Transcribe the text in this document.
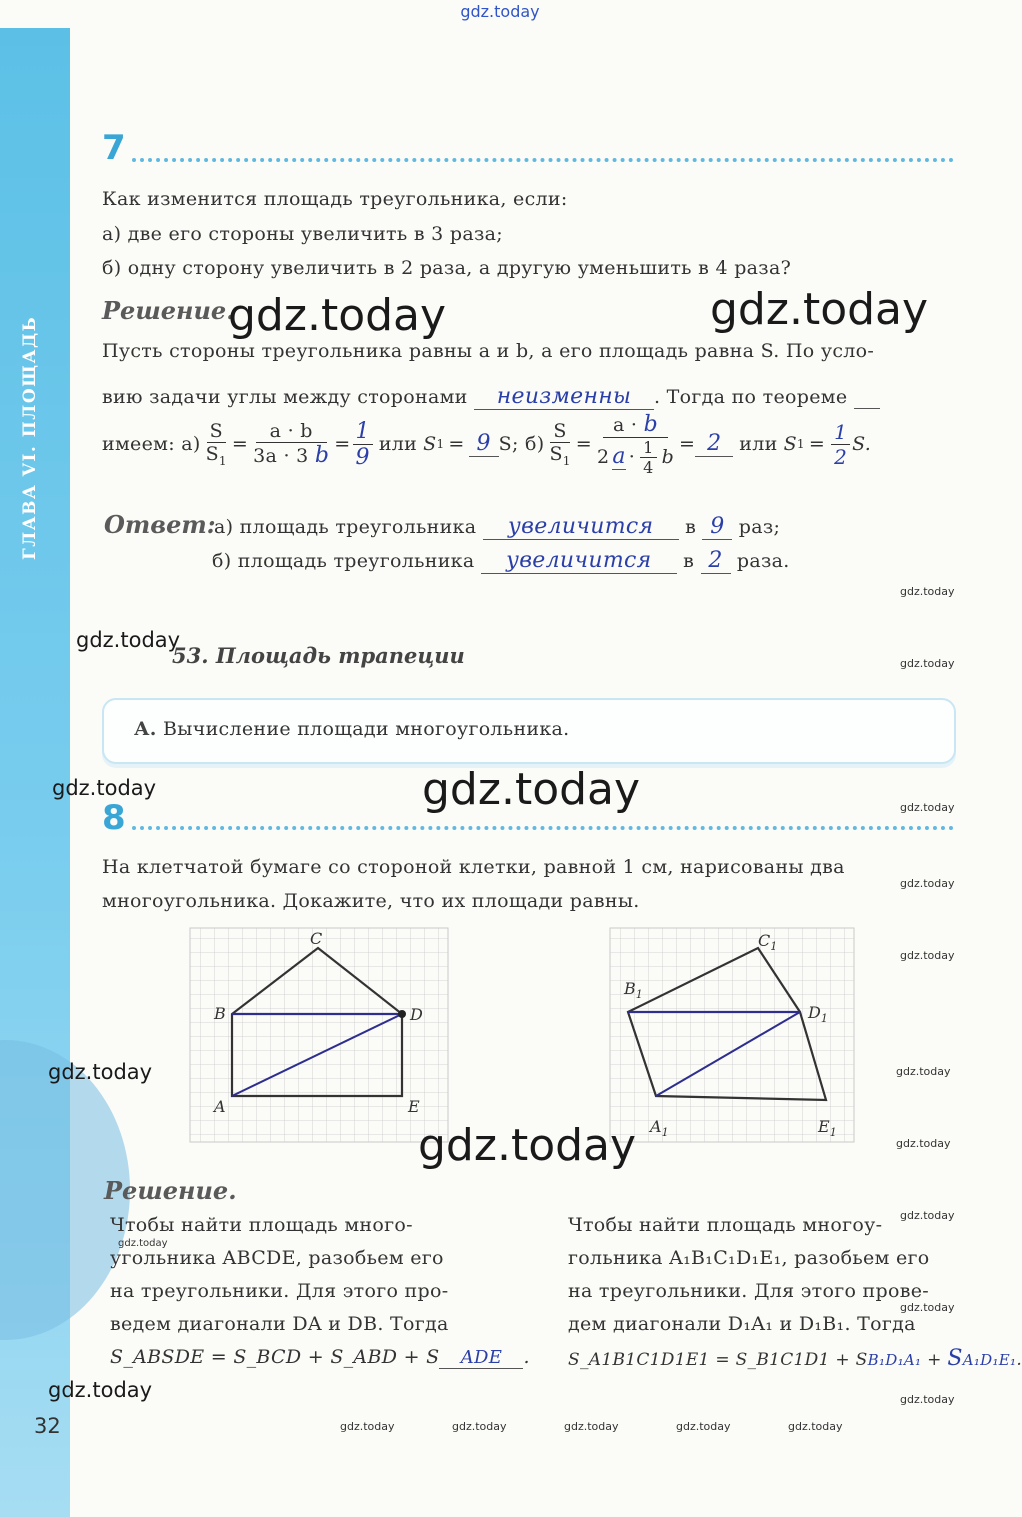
ГЛАВА VI. ПЛОЩАДЬ
gdz.today
7
Как изменится площадь треугольника, если:
а) две его стороны увеличить в 3 раза;
б) одну сторону увеличить в 2 раза, а другую уменьшить в 4 раза?
Решение.
gdz.today	gdz.today
Пусть стороны треугольника равны a и b, а его площадь равна S. По усло-
вию задачи углы между сторонами неизменны . Тогда по теореме
имеем: $а) \frac{S}{S_1} = \frac{a \cdot b}{3a \cdot 3 b} = \frac{1}{9}$ или S 1 = 9 S; $б) \frac{S}{S_1} = \frac{a \cdot b}{2 a \cdot \frac{1}{4} b} = 2$ или S $1 = \frac{1}{2} S$.
Ответ:
а) площадь треугольника увеличится в 9 раз;
б) площадь треугольника увеличится в 2 раза.
gdz.today
gdz.today
gdz.today
gdz.today
gdz.today
gdz.today
gdz.today
gdz.today
gdz.today
gdz.today
gdz.today
gdz.today	gdz.today	gdz.today	gdz.today	gdz.today
gdz.today
53. Площадь трапеции
А. Вычисление площади многоугольника.
gdz.today	gdz.today
8
На клетчатой бумаге со стороной клетки, равной 1 см, нарисованы два
многоугольника. Докажите, что их площади равны.
C
B	D
A	E
$C_1$
$B_1$
$D_1$
$A_1$	$E_1$
gdz.today
gdz.today
Решение.
Чтобы найти площадь много-
угольника ABCDE, разобьем его
на треугольники. Для этого про-
ведем диагонали DA и DB. Тогда
S_ABSDE = S_BCD + S_ABD + S ADE .
Чтобы найти площадь многоу-
гольника A₁B₁C₁D₁E₁, разобьем его
на треугольники. Для этого прове-
дем диагонали D₁A₁ и D₁B₁. Тогда
S_A1B1C1D1E1 = S_B1C1D1 + SB₁D₁A₁ + SA₁D₁E₁.
gdz.today
32
